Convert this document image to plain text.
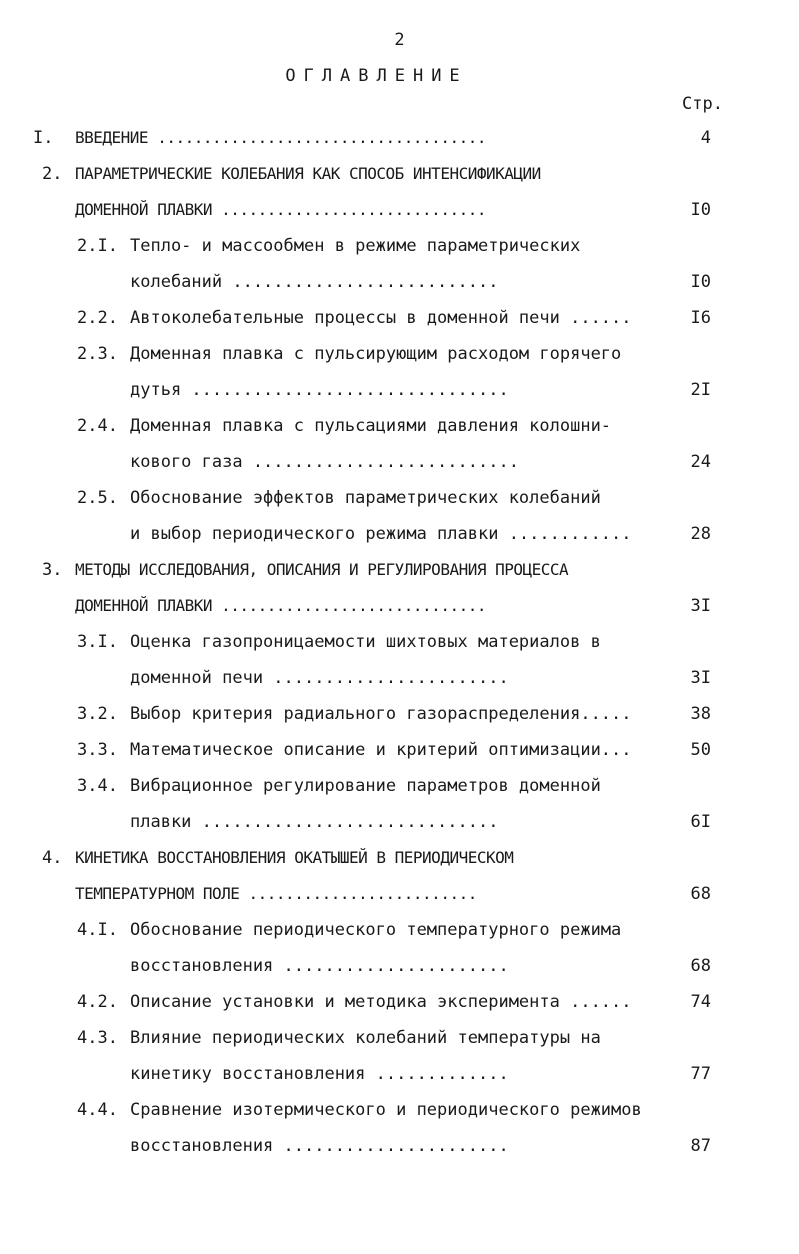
2
ОГЛАВЛЕНИЕ
Стр.
I. ВВЕДЕНИЕ ....................................	4
2. ПАРАМЕТРИЧЕСКИЕ КОЛЕБАНИЯ КАК СПОСОБ ИНТЕНСИФИКАЦИИ
ДОМЕННОЙ ПЛАВКИ .............................	I0
2.I. Тепло- и массообмен в режиме параметрических
колебаний ..........................	I0
2.2. Автоколебательные процессы в доменной печи ......	I6
2.3. Доменная плавка с пульсирующим расходом горячего
дутья ...............................	2I
2.4. Доменная плавка с пульсациями давления колошни-
кового газа ..........................	24
2.5. Обоснование эффектов параметрических колебаний
и выбор периодического режима плавки ............	28
3. МЕТОДЫ ИССЛЕДОВАНИЯ, ОПИСАНИЯ И РЕГУЛИРОВАНИЯ ПРОЦЕССА
ДОМЕННОЙ ПЛАВКИ .............................	3I
3.I. Оценка газопроницаемости шихтовых материалов в
доменной печи .......................	3I
3.2. Выбор критерия радиального газораспределения.....	38
3.3. Математическое описание и критерий оптимизации...	50
3.4. Вибрационное регулирование параметров доменной
плавки .............................	6I
4. КИНЕТИКА ВОССТАНОВЛЕНИЯ ОКАТЫШЕЙ В ПЕРИОДИЧЕСКОМ
ТЕМПЕРАТУРНОМ ПОЛЕ .........................	68
4.I. Обоснование периодического температурного режима
восстановления ......................	68
4.2. Описание установки и методика эксперимента ......	74
4.3. Влияние периодических колебаний температуры на
кинетику восстановления .............	77
4.4. Сравнение изотермического и периодического режимов
восстановления ......................	87
